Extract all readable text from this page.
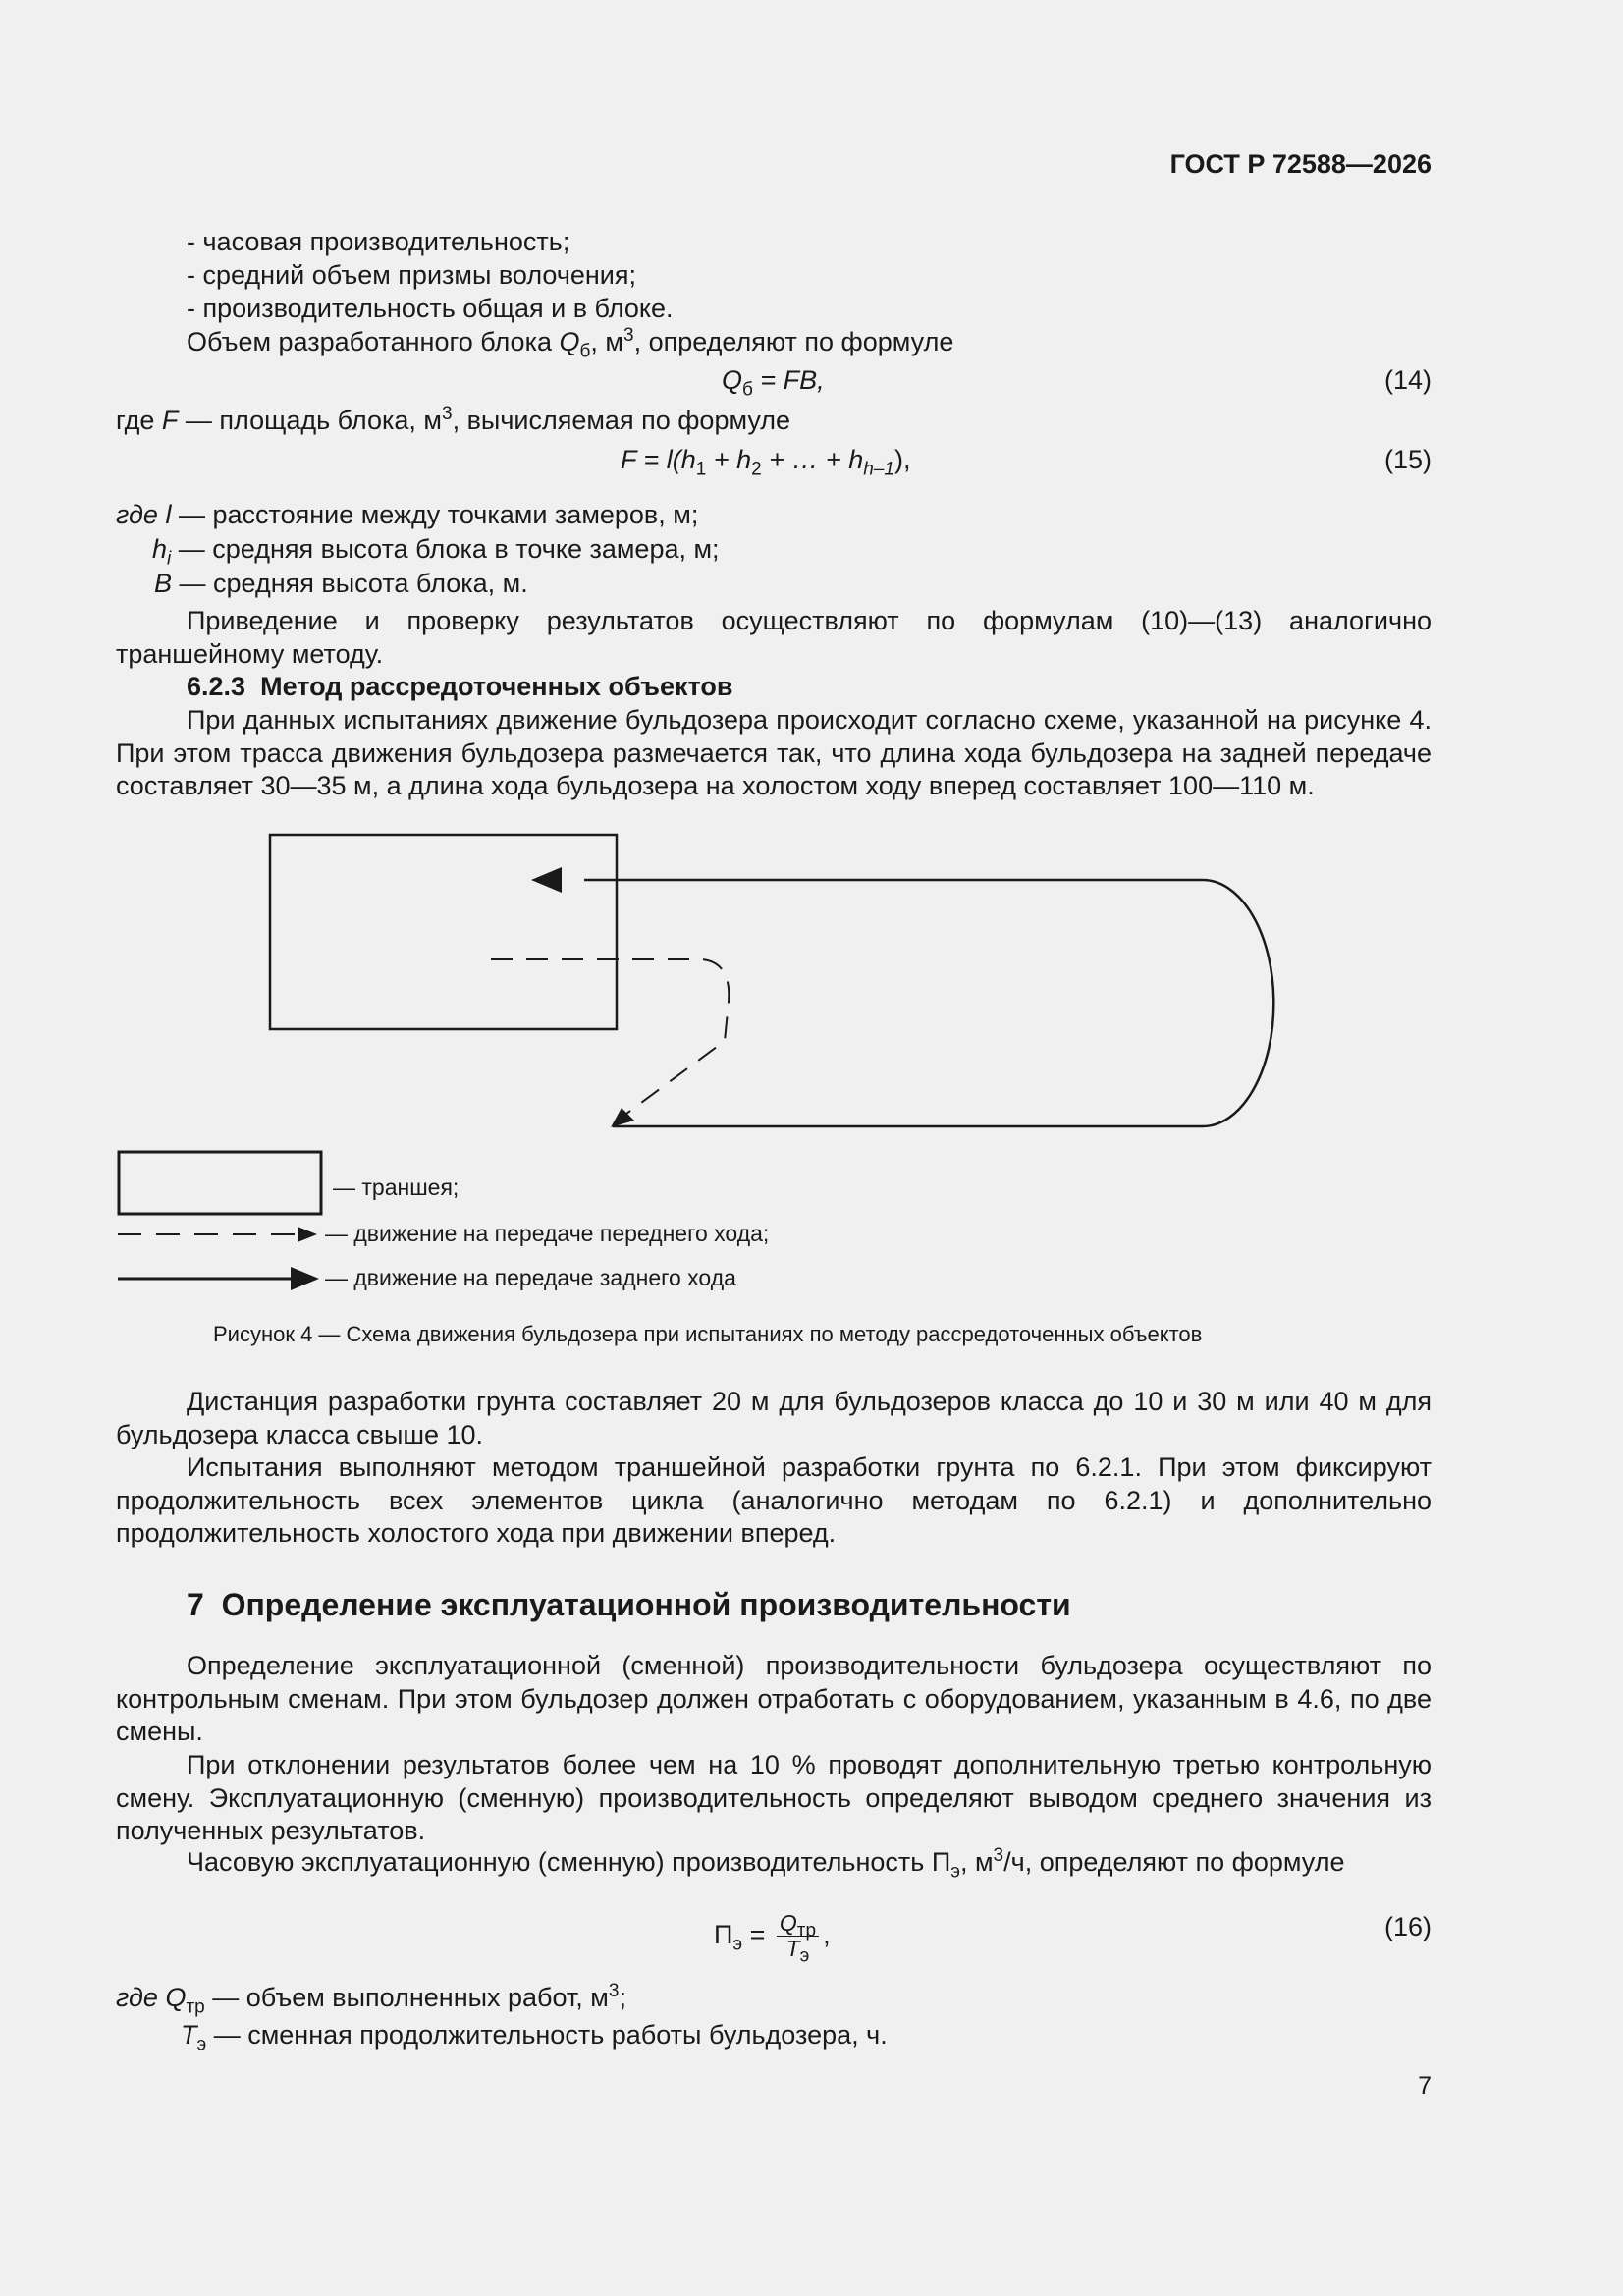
ГОСТ Р 72588—2026
- часовая производительность;
- средний объем призмы волочения;
- производительность общая и в блоке.
Объем разработанного блока $Q_б$, $м^3$, определяют по формуле
$Q_б$ = FB,	(14)
где F — площадь блока, $м^3$, вычисляемая по формуле
$F = l(h_1 + h_2$ + … + $h_{h-1}$),	(15)
где l — расстояние между точками замеров, м;
$h_i$ — средняя высота блока в точке замера, м;
B — средняя высота блока, м.
Приведение и проверку результатов осуществляют по формулам (10)—(13) аналогично траншейному методу.
6.2.3 Метод рассредоточенных объектов
При данных испытаниях движение бульдозера происходит согласно схеме, указанной на рисунке 4. При этом трасса движения бульдозера размечается так, что длина хода бульдозера на задней передаче составляет 30—35 м, а длина хода бульдозера на холостом ходу вперед составляет 100—110 м.
— траншея;
— движение на передаче переднего хода;
— движение на передаче заднего хода
Рисунок 4 — Схема движения бульдозера при испытаниях по методу рассредоточенных объектов
Дистанция разработки грунта составляет 20 м для бульдозеров класса до 10 и 30 м или 40 м для бульдозера класса свыше 10.
Испытания выполняют методом траншейной разработки грунта по 6.2.1. При этом фиксируют продолжительность всех элементов цикла (аналогично методам по 6.2.1) и дополнительно продолжительность холостого хода при движении вперед.
7 Определение эксплуатационной производительности
Определение эксплуатационной (сменной) производительности бульдозера осуществляют по контрольным сменам. При этом бульдозер должен отработать с оборудованием, указанным в 4.6, по две смены.
При отклонении результатов более чем на 10 % проводят дополнительную третью контрольную смену. Эксплуатационную (сменную) производительность определяют выводом среднего значения из полученных результатов.
Часовую эксплуатационную (сменную) производительность $П_э$, $м^3/ч$, определяют по формуле
$П_э = \frac{Q_{тр}}{T_э}$ ,	(16)
где $Q_{тр}$ — объем выполненных работ, $м^3$;
$T_э$ — сменная продолжительность работы бульдозера, ч.
7
